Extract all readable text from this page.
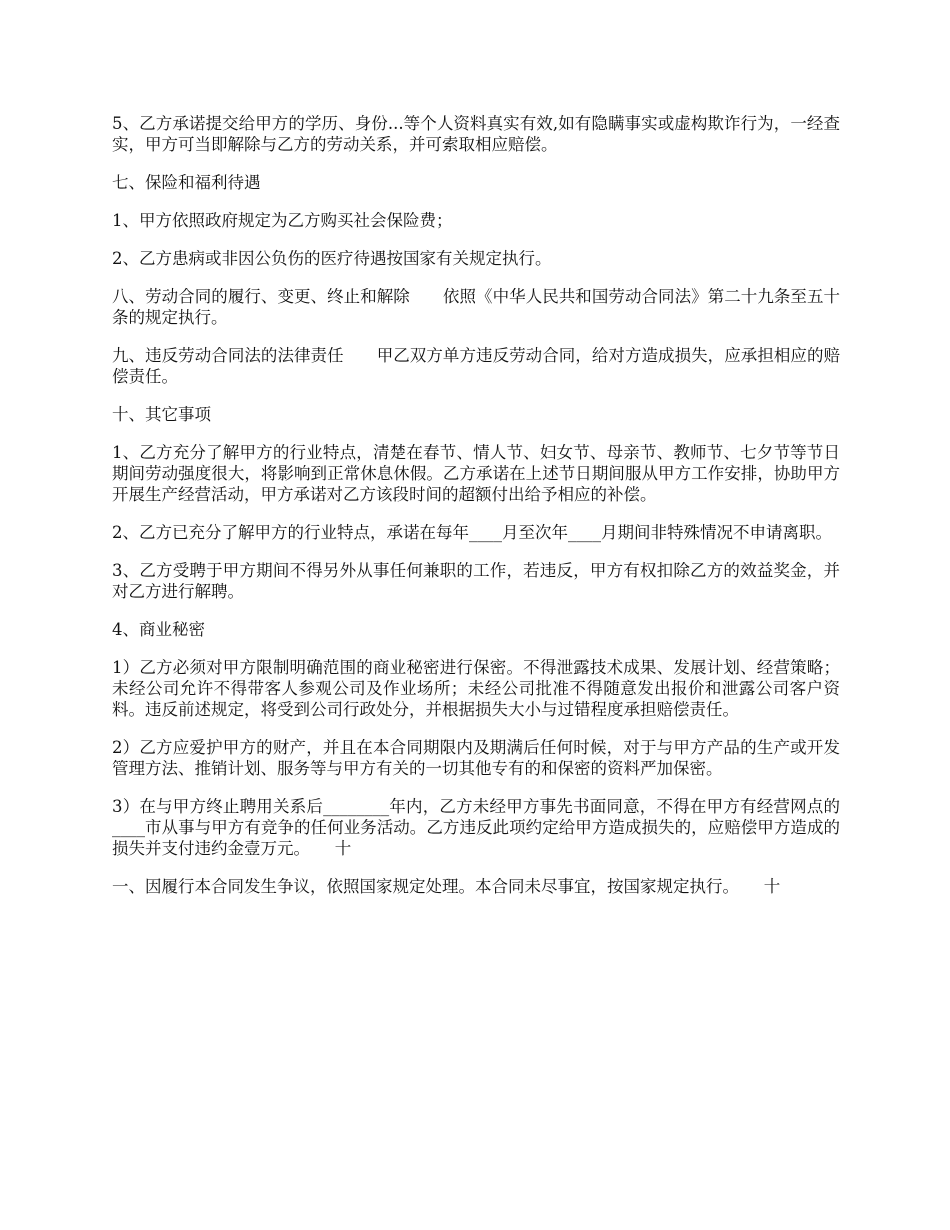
5、乙方承诺提交给甲方的学历、身份...等个人资料真实有效,如有隐瞒事实或虚构欺诈行为，一经查实，甲方可当即解除与乙方的劳动关系，并可索取相应赔偿。

七、保险和福利待遇

1、甲方依照政府规定为乙方购买社会保险费；

2、乙方患病或非因公负伤的医疗待遇按国家有关规定执行。

八、劳动合同的履行、变更、终止和解除　　依照《中华人民共和国劳动合同法》第二十九条至五十条的规定执行。

九、违反劳动合同法的法律责任　　甲乙双方单方违反劳动合同，给对方造成损失，应承担相应的赔偿责任。

十、其它事项

1、乙方充分了解甲方的行业特点，清楚在春节、情人节、妇女节、母亲节、教师节、七夕节等节日期间劳动强度很大，将影响到正常休息休假。乙方承诺在上述节日期间服从甲方工作安排，协助甲方开展生产经营活动，甲方承诺对乙方该段时间的超额付出给予相应的补偿。

2、乙方已充分了解甲方的行业特点，承诺在每年____月至次年____月期间非特殊情况不申请离职。

3、乙方受聘于甲方期间不得另外从事任何兼职的工作，若违反，甲方有权扣除乙方的效益奖金，并对乙方进行解聘。

4、商业秘密

1）乙方必须对甲方限制明确范围的商业秘密进行保密。不得泄露技术成果、发展计划、经营策略；未经公司允许不得带客人参观公司及作业场所；未经公司批准不得随意发出报价和泄露公司客户资料。违反前述规定，将受到公司行政处分，并根据损失大小与过错程度承担赔偿责任。

2）乙方应爱护甲方的财产，并且在本合同期限内及期满后任何时候，对于与甲方产品的生产或开发管理方法、推销计划、服务等与甲方有关的一切其他专有的和保密的资料严加保密。

3）在与甲方终止聘用关系后________年内，乙方未经甲方事先书面同意，不得在甲方有经营网点的____市从事与甲方有竞争的任何业务活动。乙方违反此项约定给甲方造成损失的，应赔偿甲方造成的损失并支付违约金壹万元。　　十

一、因履行本合同发生争议，依照国家规定处理。本合同未尽事宜，按国家规定执行。　　十
